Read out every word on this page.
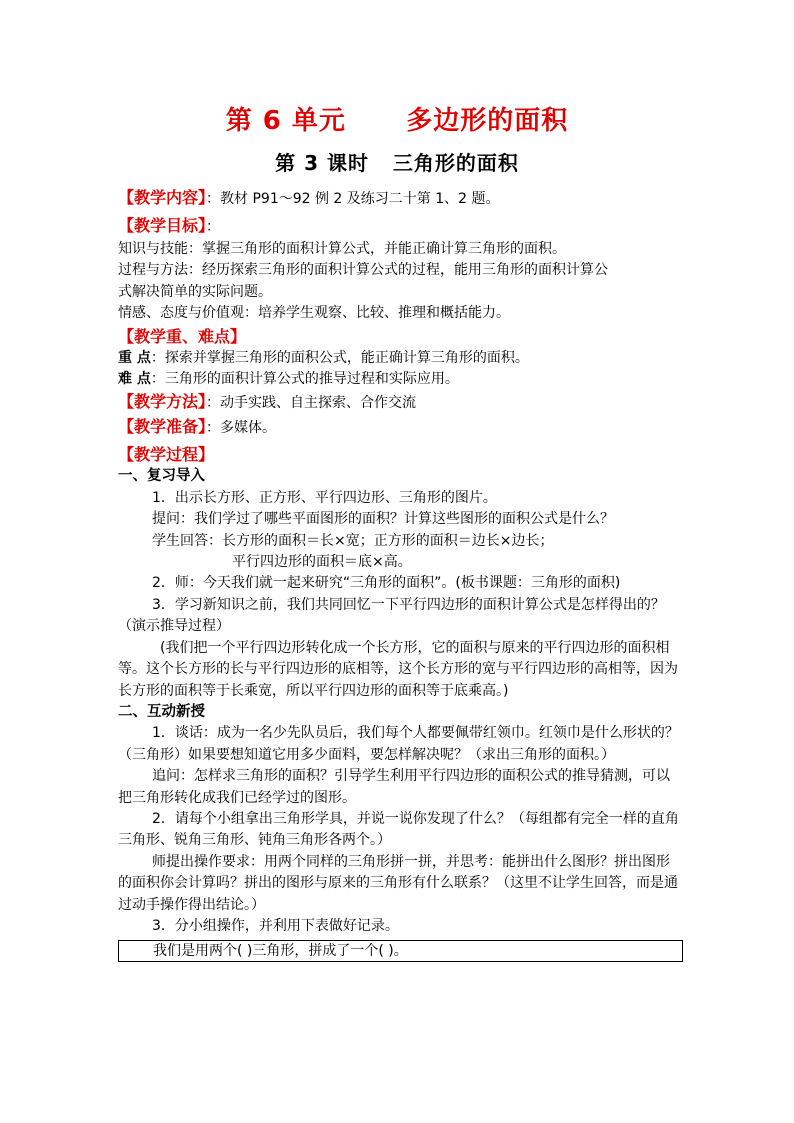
第 6 单元      多边形的面积
第 3 课时   三角形的面积

【教学内容】：教材 P91～92 例 2 及练习二十第 1、2 题。

【教学目标】：

知识与技能：掌握三角形的面积计算公式，并能正确计算三角形的面积。

过程与方法：经历探索三角形的面积计算公式的过程，能用三角形的面积计算公

式解决简单的实际问题。

情感、态度与价值观：培养学生观察、比较、推理和概括能力。

【教学重、难点】

重 点：探索并掌握三角形的面积公式，能正确计算三角形的面积。

难 点：三角形的面积计算公式的推导过程和实际应用。

【教学方法】：动手实践、自主探索、合作交流

【教学准备】：多媒体。

【教学过程】

一、复习导入

1．出示长方形、正方形、平行四边形、三角形的图片。

提问：我们学过了哪些平面图形的面积？计算这些图形的面积公式是什么？

学生回答：长方形的面积＝长×宽；正方形的面积＝边长×边长；

平行四边形的面积＝底×高。

2．师：今天我们就一起来研究“三角形的面积”。(板书课题：三角形的面积)

3．学习新知识之前，我们共同回忆一下平行四边形的面积计算公式是怎样得出的？（演示推导过程）

(我们把一个平行四边形转化成一个长方形，它的面积与原来的平行四边形的面积相等。这个长方形的长与平行四边形的底相等，这个长方形的宽与平行四边形的高相等，因为长方形的面积等于长乘宽，所以平行四边形的面积等于底乘高。)

二、互动新授

1．谈话：成为一名少先队员后，我们每个人都要佩带红领巾。红领巾是什么形状的？（三角形）如果要想知道它用多少面料，要怎样解决呢？（求出三角形的面积。）

追问：怎样求三角形的面积？引导学生利用平行四边形的面积公式的推导猜测，可以把三角形转化成我们已经学过的图形。

2．请每个小组拿出三角形学具，并说一说你发现了什么？（每组都有完全一样的直角三角形、锐角三角形、钝角三角形各两个。）

师提出操作要求：用两个同样的三角形拼一拼，并思考：能拼出什么图形？拼出图形的面积你会计算吗？拼出的图形与原来的三角形有什么联系？（这里不让学生回答，而是通过动手操作得出结论。）

3．分小组操作，并利用下表做好记录。

我们是用两个( )三角形，拼成了一个( )。
